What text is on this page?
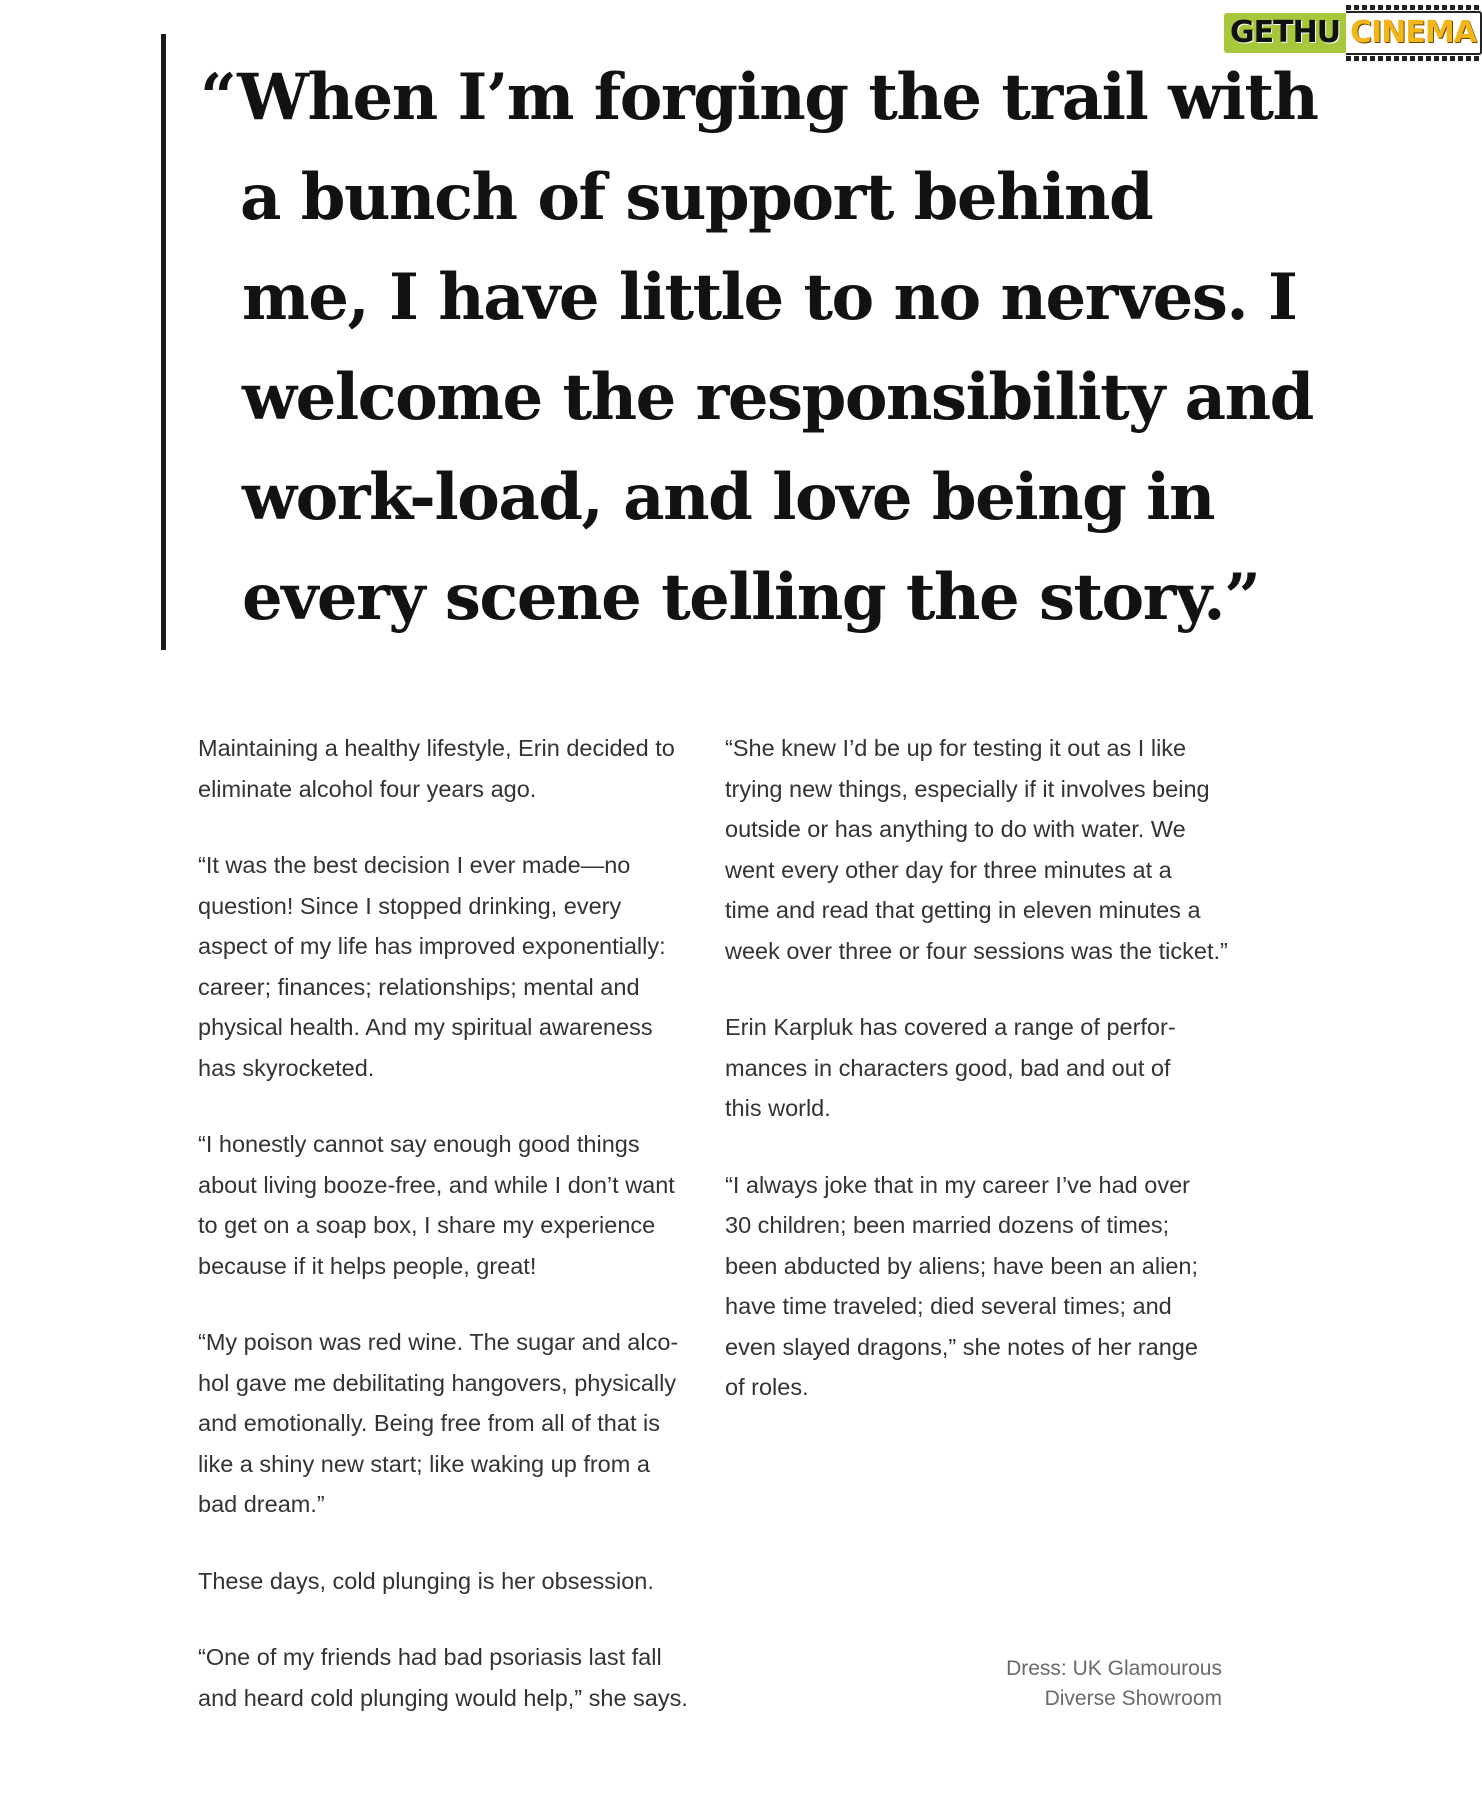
GETHU CINEMA
“When I’m forging the trail with
a bunch of support behind
me, I have little to no nerves. I
welcome the responsibility and
work-load, and love being in
every scene telling the story.”

Maintaining a healthy lifestyle, Erin decided to
eliminate alcohol four years ago.

“It was the best decision I ever made—no
question! Since I stopped drinking, every
aspect of my life has improved exponentially:
career; finances; relationships; mental and
physical health. And my spiritual awareness
has skyrocketed.

“I honestly cannot say enough good things
about living booze-free, and while I don’t want
to get on a soap box, I share my experience
because if it helps people, great!

“My poison was red wine. The sugar and alco-
hol gave me debilitating hangovers, physically
and emotionally. Being free from all of that is
like a shiny new start; like waking up from a
bad dream.”

These days, cold plunging is her obsession.

“One of my friends had bad psoriasis last fall
and heard cold plunging would help,” she says.

“She knew I’d be up for testing it out as I like
trying new things, especially if it involves being
outside or has anything to do with water. We
went every other day for three minutes at a
time and read that getting in eleven minutes a
week over three or four sessions was the ticket.”

Erin Karpluk has covered a range of perfor-
mances in characters good, bad and out of
this world.

“I always joke that in my career I’ve had over
30 children; been married dozens of times;
been abducted by aliens; have been an alien;
have time traveled; died several times; and
even slayed dragons,” she notes of her range
of roles.

Dress: UK Glamourous
Diverse Showroom
